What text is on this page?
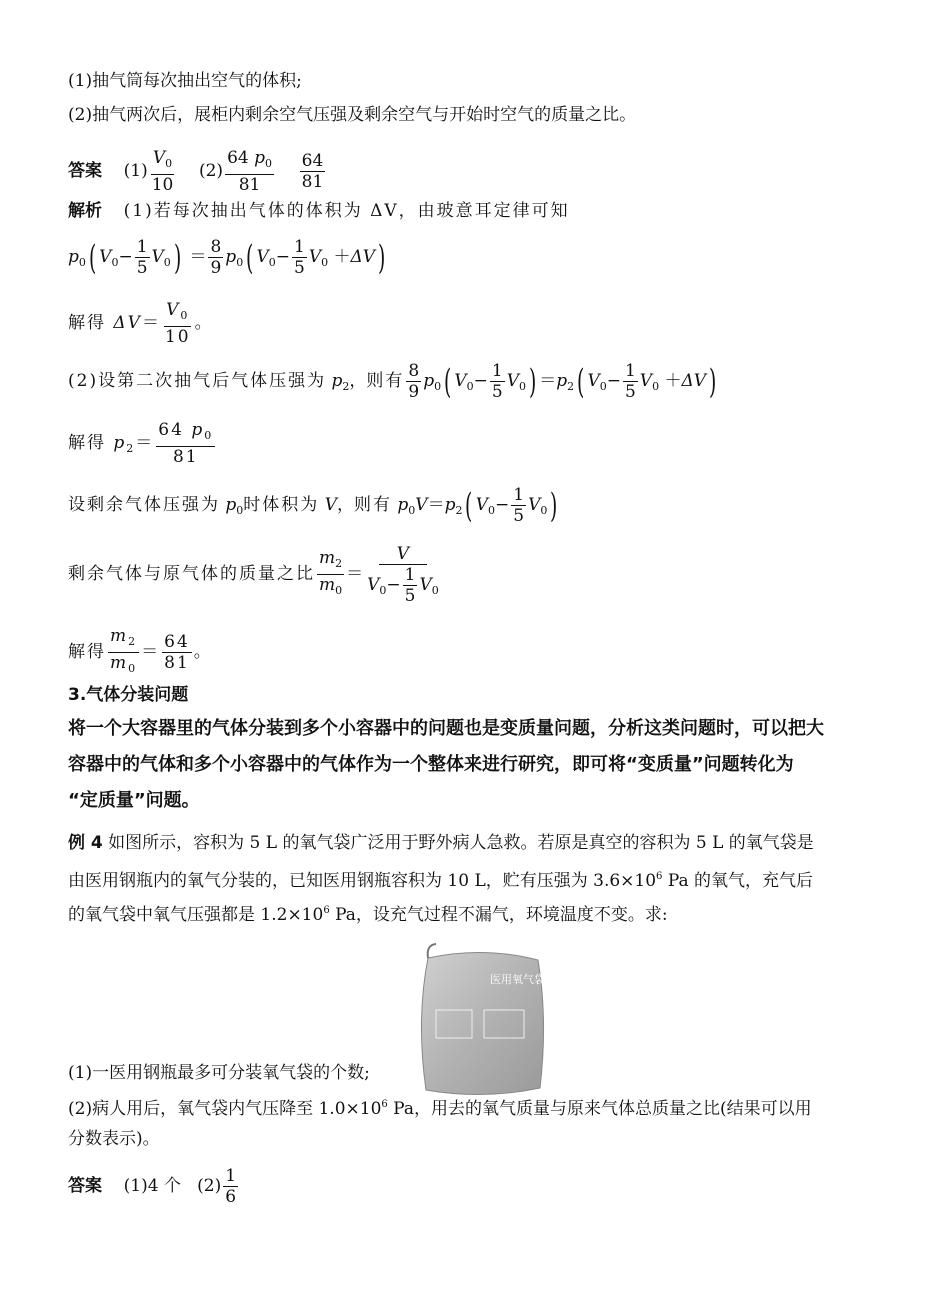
(1)抽气筒每次抽出空气的体积;
(2)抽气两次后，展柜内剩余空气压强及剩余空气与开始时空气的质量之比。
答案 $(1) \frac{V_0}{10} (2) \frac{64 p_0}{81}$
$\frac{64}{81}$
解析 (1)若每次抽出气体的体积为 ΔV，由玻意耳定律可知
$p_0$( $V_0- \frac{1}{5} V_0) = \frac{8}{9} p_0$( $V_0- \frac{1}{5} V_0 +\Delta V$)
解得 $\Delta V= \frac{V_0}{10}$ 。
(2)设第二次抽气后气体压强为 $p_2$，则有 $\frac{8}{9} p_0$( $V_0- \frac{1}{5} V_0) =p_2$( $V_0- \frac{1}{5} V_0 +\Delta V$)
解得 $p_2= \frac{64 p_0}{81}$
设剩余气体压强为 $p_0$时体积为 V，则有 $p_0V=p_2$( $V_0- \frac{1}{5} V_0$)
剩余气体与原气体的质量之比 $\frac{m_2}{m_0} = \frac{V}{V_0- \frac{1}{5} V_0}$
解得 $\frac{m_2}{m_0} = \frac{64}{81}$ 。
3.气体分装问题
将一个大容器里的气体分装到多个小容器中的问题也是变质量问题，分析这类问题时，可以把大
容器中的气体和多个小容器中的气体作为一个整体来进行研究，即可将“变质量”问题转化为
“定质量”问题。
例 4 如图所示，容积为 5 L 的氧气袋广泛用于野外病人急救。若原是真空的容积为 5 L 的氧气袋是
由医用钢瓶内的氧气分装的，已知医用钢瓶容积为 10 L，贮有压强为 $3.6\times 10^6$ Pa 的氧气，充气后
的氧气袋中氧气压强都是 $1.2\times 10^6$ Pa，设充气过程不漏气，环境温度不变。求:
医用氧气袋
(1)一医用钢瓶最多可分装氧气袋的个数;
(2)病人用后，氧气袋内气压降至 $1.0\times 10^6$ Pa，用去的氧气质量与原来气体总质量之比(结果可以用
分数表示)。
答案 (1)4 个 $(2) \frac{1}{6}$
